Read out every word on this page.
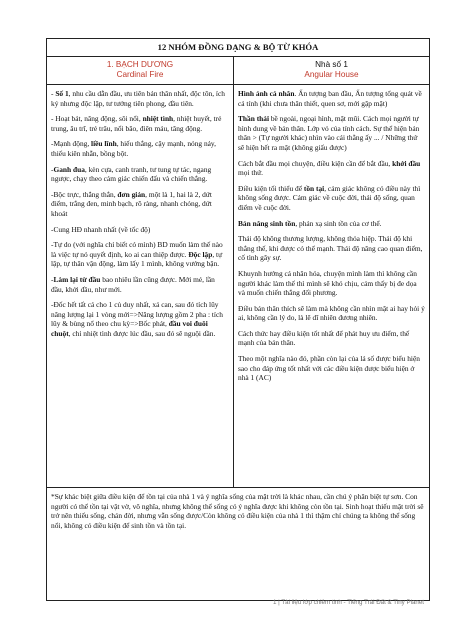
12 NHÓM ĐỒNG DẠNG & BỘ TỪ KHÓA
1. BẠCH DƯƠNG
Cardinal Fire
Nhà số 1
Angular House

- Số 1, nhu cầu dẫn đầu, ưu tiên bản thân nhất, độc tôn, ích kỷ nhưng độc lập, tư tưởng tiên phong, đầu tiên.

- Hoạt bát, năng động, sôi nổi, nhiệt tình, nhiệt huyết, trẻ trung, âu trĩ, trẻ trâu, nổi bão, điên máu, tăng động.

-Mạnh động, liều lĩnh, hiếu thắng, cậy mạnh, nóng nảy, thiếu kiên nhẫn, bồng bột.

-Ganh đua, kèn cựa, canh tranh, tư tung tự tác, ngang ngược, chạy theo cảm giác chiến đấu và chiến thắng.

-Bộc trực, thẳng thắn, đơn giản, một là 1, hai là 2, dứt điểm, trắng đen, minh bạch, rõ ràng, nhanh chóng, dứt khoát

-Cung HĐ nhanh nhất (về tốc độ)

-Tự do (với nghĩa chỉ biết có mình) BD muốn làm thế nào là việc tự nó quyết định, ko ai can thiệp được. Độc lập, tự lập, tự thân vận động, làm lấy 1 mình, không vướng bận.

-Làm lại từ đầu bao nhiêu lần cũng được. Mới mẻ, lần đầu, khởi đầu, như mới.

-Đốc hết tất cả cho 1 củ duy nhất, xả can, sau đó tích lũy năng lượng lại 1 vòng mới=>Năng lượng gồm 2 pha : tích lũy & bùng nổ theo chu kỳ=>Bốc phát, đầu voi đuôi chuột, chỉ nhiệt tình được lúc đầu, sau đó sẽ nguội dần.

Hình ảnh cá nhân. Ấn tượng ban đầu, Ấn tượng tổng quát về cá tính (khi chưa thân thiết, quen sơ, mới gặp mặt)

Thần thái bề ngoài, ngoại hình, mặt mũi. Cách mọi người tự hình dung về bản thân. Lớp vỏ của tính cách. Sự thể hiện bản thân > (Tự người khác) nhìn vào cái thằng ấy ... / Những thứ sẽ hiện hết ra mặt (không giấu được)

Cách bắt đầu mọi chuyện, điều kiện cần để bắt đầu, khởi đầu mọi thứ.

Điều kiện tối thiểu để tồn tại, cảm giác không có điều này thì không sống được. Cảm giác về cuộc đời, thái độ sống, quan điểm về cuộc đời.

Bản năng sinh tồn, phản xạ sinh tồn của cơ thể.

Thái độ không thương lượng, không thỏa hiệp. Thái độ khi thắng thế, khi được có thể mạnh. Thái độ năng cao quan điểm, cố tình gây sự.

Khuynh hướng cá nhân hóa, chuyện mình làm thì không cần người khác làm thế thì mình sẽ khó chịu, cảm thấy bị đe dọa và muốn chiến thắng đối phương.

Điều bản thân thích sẽ làm mà không cần nhìn mặt ai hay hỏi ý ai, không cần lý do, là lẽ dĩ nhiên đương nhiên.

Cách thức hay điều kiện tốt nhất để phát huy ưu điểm, thế mạnh của bản thân.

Theo một nghĩa nào đó, phần còn lại của lá số được biểu hiện sao cho đáp ứng tốt nhất với các điều kiện được biểu hiện ở nhà 1 (AC)

*Sự khác biệt giữa điều kiện để tồn tại của nhà 1 và ý nghĩa sống của mặt trời là khác nhau, cần chú ý phân biệt tự sơn. Con người có thể tồn tại vật vờ, vô nghĩa, nhưng không thể sống có ý nghĩa được khi không còn tồn tại. Sinh hoạt thiếu mặt trời sẽ trở nên thiếu sống, chán đời, nhưng vẫn sống được/Còn không có điều kiện của nhà 1 thì thậm chí chúng ta không thể sống nổi, không có điều kiện để sinh tồn và tồn tại.
1 | Tài liệu lớp chiêm tinh - Tiếng Trái Đất & Tiny Planet
